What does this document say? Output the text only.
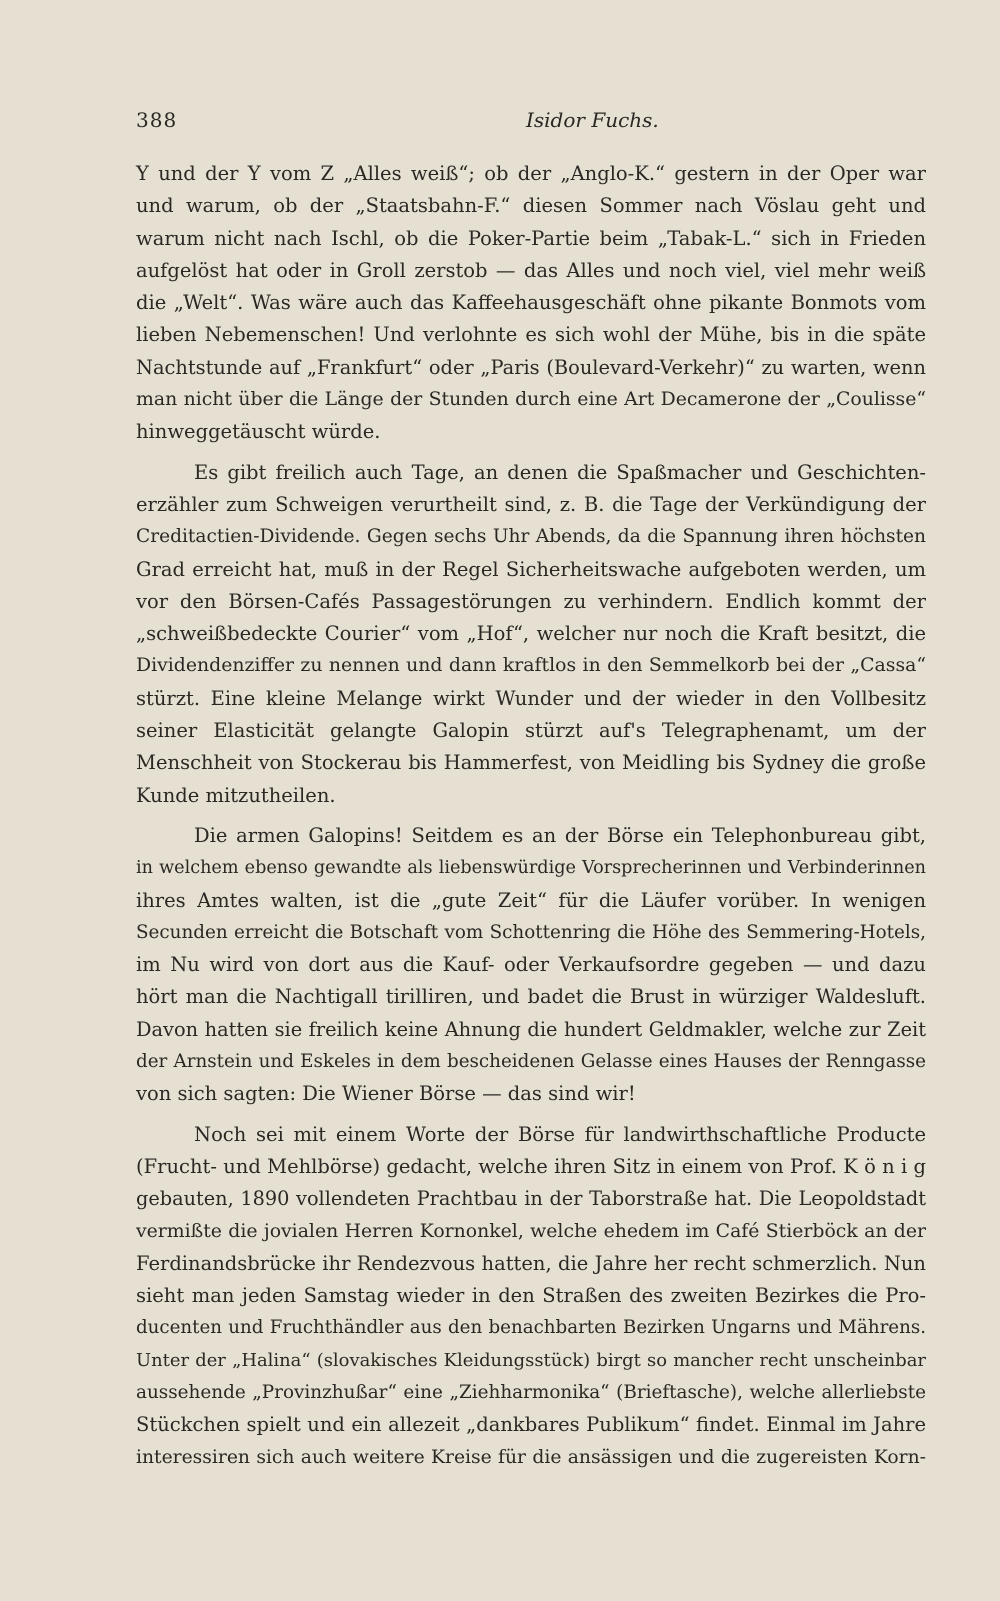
388	Isidor Fuchs.
Y und der Y vom Z „Alles weiß“; ob der „Anglo-K.“ gestern in der Oper war
und warum, ob der „Staatsbahn-F.“ diesen Sommer nach Vöslau geht und
warum nicht nach Ischl, ob die Poker-Partie beim „Tabak-L.“ sich in Frieden
aufgelöst hat oder in Groll zerstob — das Alles und noch viel, viel mehr weiß
die „Welt“. Was wäre auch das Kaffeehausgeschäft ohne pikante Bonmots vom
lieben Nebemenschen! Und verlohnte es sich wohl der Mühe, bis in die späte
Nachtstunde auf „Frankfurt“ oder „Paris (Boulevard-Verkehr)“ zu warten, wenn
man nicht über die Länge der Stunden durch eine Art Decamerone der „Coulisse“
hinweggetäuscht würde.
Es gibt freilich auch Tage, an denen die Spaßmacher und Geschichten-
erzähler zum Schweigen verurtheilt sind, z. B. die Tage der Verkündigung der
Creditactien-Dividende. Gegen sechs Uhr Abends, da die Spannung ihren höchsten
Grad erreicht hat, muß in der Regel Sicherheitswache aufgeboten werden, um
vor den Börsen-Cafés Passagestörungen zu verhindern. Endlich kommt der
„schweißbedeckte Courier“ vom „Hof“, welcher nur noch die Kraft besitzt, die
Dividendenziffer zu nennen und dann kraftlos in den Semmelkorb bei der „Cassa“
stürzt. Eine kleine Melange wirkt Wunder und der wieder in den Vollbesitz
seiner Elasticität gelangte Galopin stürzt auf's Telegraphenamt, um der
Menschheit von Stockerau bis Hammerfest, von Meidling bis Sydney die große
Kunde mitzutheilen.
Die armen Galopins! Seitdem es an der Börse ein Telephonbureau gibt,
in welchem ebenso gewandte als liebenswürdige Vorsprecherinnen und Verbinderinnen
ihres Amtes walten, ist die „gute Zeit“ für die Läufer vorüber. In wenigen
Secunden erreicht die Botschaft vom Schottenring die Höhe des Semmering-Hotels,
im Nu wird von dort aus die Kauf- oder Verkaufsordre gegeben — und dazu
hört man die Nachtigall tirilliren, und badet die Brust in würziger Waldesluft.
Davon hatten sie freilich keine Ahnung die hundert Geldmakler, welche zur Zeit
der Arnstein und Eskeles in dem bescheidenen Gelasse eines Hauses der Renngasse
von sich sagten: Die Wiener Börse — das sind wir!
Noch sei mit einem Worte der Börse für landwirthschaftliche Producte
(Frucht- und Mehlbörse) gedacht, welche ihren Sitz in einem von Prof. K ö n i g
gebauten, 1890 vollendeten Prachtbau in der Taborstraße hat. Die Leopoldstadt
vermißte die jovialen Herren Kornonkel, welche ehedem im Café Stierböck an der
Ferdinandsbrücke ihr Rendezvous hatten, die Jahre her recht schmerzlich. Nun
sieht man jeden Samstag wieder in den Straßen des zweiten Bezirkes die Pro-
ducenten und Fruchthändler aus den benachbarten Bezirken Ungarns und Mährens.
Unter der „Halina“ (slovakisches Kleidungsstück) birgt so mancher recht unscheinbar
aussehende „Provinzhußar“ eine „Ziehharmonika“ (Brieftasche), welche allerliebste
Stückchen spielt und ein allezeit „dankbares Publikum“ findet. Einmal im Jahre
interessiren sich auch weitere Kreise für die ansässigen und die zugereisten Korn-
